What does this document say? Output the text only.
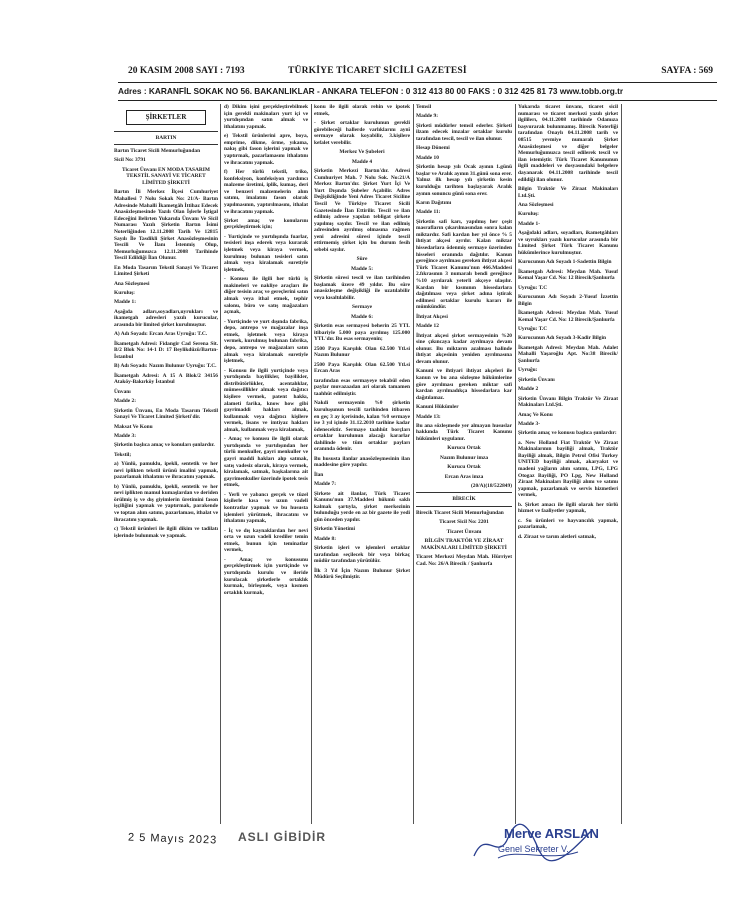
20 KASIM 2008 SAYI : 7193	TÜRKİYE TİCARET SİCİLİ GAZETESİ	SAYFA : 569
Adres : KARANFİL SOKAK NO 56. BAKANLIKLAR - ANKARA TELEFON : 0 312 413 80 00 FAKS : 0 312 425 81 73 www.tobb.org.tr
ŞİRKETLER

BARTIN

Bartın Ticaret Sicili Memurluğundan

Sicil No: 3791

Ticaret Ünvanı EN MODA TASARIM TEKSTİL SANAYİ VE TİCARET LİMİTED ŞİRKETİ

Bartın İli Merkez İlçesi Cumhuriyet Mahallesi 7 Nolu Sokak No: 21/A- Bartın Adresinde Mahalli İkametgâh İttihaz Edecek Anasözleşmesinde Yazılı Olan İşlerle İştigal Edeceğini Belirten Yukarıda Ünvanı Ve Sicil Numarası Yazılı Şirketin Bartın İsimi Noterliğinden 12.11.2008 Tarih Ve 12815 Sayılı İle Tasdikli Şirket Anasözleşmesinin Tescili Ve İlanı İstenmiş Olup, Memurluğumuzca 12.11.2008 Tarihinde Tescil Edildiği İlan Olunur.

En Moda Tasarım Tekstil Sanayi Ve Ticaret Limited Şirketi

Ana Sözleşmesi

Kuruluş:

Madde 1:

Aşağıda adları,soyadları,uyrukları ve ikametgah adresleri yazılı kurucular, arasında bir limited şirket kurulmuştur.

A) Adı Soyadı: Ercan Aras Uyruğu: T.C.

İkametgah Adresi: Fidangir Cad Serena Sit. B/2 Blok No: 14-1 D: 17 Beylikdüzü/Bartın-İstanbul

B) Adı Soyadı: Nazım Bulunur Uyruğu: T.C.

İkametgah Adresi: A 15 A Blok/2 34156 Ataköy-Bakırköy İstanbul

Ünvanı

Madde 2:

Şirketin Ünvanı, En Moda Tasarım Tekstil Sanayi Ve Ticaret Limited Şirketi'dir.

Maksat Ve Konu

Madde 3:

Şirketin başlıca amaç ve konuları şunlardır.

Tekstil;

a) Yünlü, pamuklu, ipekli, sentetik ve her nevi iplikten tekstil ürünü imalini yapmak, pazarlamak ithalatını ve ihracatını yapmak.

b) Yünlü, pamuklu, ipekli, sentetik ve her nevi iplikten mamul kumaşlardan ve deriden örülmiş iş ve dış giyimlerin üretimini fason işçiliğini yapmak ve yaptırmak, parakende ve toptan alım satımı, pazarlaması, ithalat ve ihracatını yapmak.

c) Tekstil ürünleri ile ilgili dikim ve tadilatı işlerinde bulunmak ve yapmak.

d) Dikim işini gerçekleştirebilmek için gerekli makinaları yurt içi ve yurtdışından satın almak ve ithalatını yapmak.

e) Tekstil ürünlerini apre, boya, emprime, dikme, örme, yıkama, nakış gibi fason işlerini yapmak ve yaptırmak, pazarlamasını ithalatını ve ihracatını yapmak.

f) Her türlü tekstil, triko, konfeksiyon, konfeksiyon yardımcı malzeme üretimi, iplik, kumaş, deri ve benzeri malzemelerin alım satımı, imalatını fason olarak yapılmasının, yaptırılmasını, ithalat ve ihracatını yapmak.

Şirket amaç ve konularını gerçekleştirmek için;

- Yurtiçinde ve yurtdışında fuarlar, tesisleri inşa ederek veya kurarak işletmek veya kiraya vermek, kurulmuş bulunan tesisleri satın almak veya kiralamak suretiyle işletmek,

- Konusu ile ilgili her türlü iş makineleri ve nakliye araçları ile diğer tesisin araç ve gereçlerini satın almak veya ithal etmek, tephir salonu, büro ve satış mağazaları açmak,

- Yurtiçinde ve yurt dışında fabrika, depo, antrepo ve mağazalar inşa etmek, işletmek veya kiraya vermek, kurulmuş bulunan fabrika, depo, antrepo ve mağazaları satın almak veya kiralamak suretiyle işletmek,

- Konusu ile ilgili yurtiçinde veya yurtdışında bayilikler, bayilikler, distribütörlükler, acentalıklar, mümessillikler almak veya dağıtıcı kişilere vermek, patent hakkı, alameti farika, know how gibi gayrimaddi hakları almak, kullanmak veya dağıtıcı kişilere vermek, lisans ve imtiyaz hakları almak, kullanmak veya kiralamak,

- Amaç ve konusu ile ilgili olarak yurtdışında ve yurtdışından her türlü menkuller, gayri menkuller ve gayri maddi hakları alıp satmak, satış vadesiz olarak, kiraya vermek, kiralamak, satmak, başkalarına ait gayrimenkuller üzerinde ipotek tesis etmek,

- Yerli ve yabancı gerçek ve tüzel kişilerle kısa ve uzun vadeli kontratlar yapmak ve bu hususta işlemleri yürütmek, ihracatını ve ithalatını yapmak,

- İç ve dış kaynaklardan her nevi orta ve uzun vadeli krediler temin etmek, bunun için teminatlar vermek,

- Amaç ve konusunu gerçekleştirmek için yurtiçinde ve yurtdışında kurulu ve ileride kurulacak şirketlerle ortaklık kurmak, birleşmek, veya kısmen ortaklık kurmak,

konu ile ilgili olarak rehin ve ipotek etmek,

- Şirket ortaklar kurulunun gerekli görebileceği hallerde varlıklarını aynî sermaye olarak koyabilir, 3.kişilere kefalet verebilir.

Merkez Ve Şubeleri

Madde 4

Şirketin Merkezi Bartın'dır. Adresi Cumhuriyet Mah. 7 Nolu Sok. No:21/A Merkez Bartın'dır. Şirket Yurt İçi Ve Yurt Dışında Şubeler Açabilir. Adres Değişikliğinde Yeni Adres Ticaret Siciline Tescil Ve Türkiye Ticaret Sicili Gazetesinde İlan Ettirilir. Tescil ve ilan edilmiş adrese yapılan tebligat şirkete yapılmış sayılır. Tescil ve ilan edilmiş adresinden ayrılmış olmasına rağmen yeni adresini süresi içinde tescil ettirmemiş şirket için bu durum fesih sebebi sayılır.

Süre

Madde 5:

Şirketin süresi tescil ve ilan tarihinden başlamak üzere 49 yıldır. Bu süre anasözleşme değişikliği ile uzatılabilir veya kısaltılabilir.

Sermaye

Madde 6:

Şirketin esas sermayesi beherin 25 YTL itibariyle 5.000 paya ayrılmış 125.000 YTL'dır. Bu esas sermayenin;

2500 Paya Karşılık Olan 62.500 Ytl.si Nazım Bulunur

2500 Paya Karşılık Olan 62.500 Ytl.si Ercan Aras

tarafından esas sermayeye tekabül eden paylar muvazaadan ari olarak tamamen taahhüt edilmiştir.

Nakdi sermayenin %0 şirketin kuruluşunun tescili tarihinden itibaren en geç 3 ay içerisinde, kalan %0 sermaye ise 3 yıl içinde 31.12.2010 tarihine kadar ödenecektir. Sermaye taahhüt borçları ortaklar kurulunun alacağı kararlar dahilinde ve tüm ortaklar payları oranında ödenir.

Bu hususta ilanlar anasözleşmesinin ilan maddesine göre yapılır.

İlan

Madde 7:

Şirkete ait ilanlar, Türk Ticaret Kanunu'nun 37.Maddesi hükmü saklı kalmak şartıyla, şirket merkezinin bulunduğu yerde en az bir gazete ile yedi gün önceden yapılır.

Şirketin Yönetimi

Madde 8:

Şirketin işleri ve işlemleri ortaklar tarafından seçilecek bir veya birkaç müdür tarafından yürütülür.

İlk 3 Yıl İçin Nazım Bulunur Şirket Müdürü Seçilmiştir.

Temsil

Madde 9:

Şirketi müdürler temsil ederler. Şirketi ilzam edecek imzalar ortaklar kurulu tarafından tescil, tescil ve ilan olunur.

Hesap Dönemi

Madde 10

Şirketin hesap yılı Ocak ayının 1.günü başlar ve Aralık ayının 31.günü sona erer. Yalnız ilk hesap yılı şirketin kesin kurulduğu tarihten başlayarak Aralık ayının sonuncu günü sona erer.

Karın Dağıtımı

Madde 11:

Şirketin safi karı, yapılmış her çeşit masrafların çıkarılmasından sonra kalan miktardır. Safi kardan her yıl önce % 5 ihtiyat akçesi ayrılır. Kalan miktar hissedarlara ödenmiş sermaye üzerinden hisseleri oranında dağıtılır. Kanun gereğince ayrılması gereken ihtiyat akçesi Türk Ticaret Kanunu'nun 466.Maddesi 2.fıkrasının 3 numaralı bendi gereğince %10 ayrılarak yeterli akçeye ulaşılır. Kardan bir kısmının hissedarlara dağıtılması veya şirket adına iştirak edilmesi ortaklar kurulu kararı ile mümkündür.

İhtiyat Akçesi

Madde 12

İhtiyat akçesi şirket sermayesinin %20 sine çıkıncaya kadar ayrılmaya devam olunur. Bu miktarın azalması halinde ihtiyat akçesinin yeniden ayrılmasına devam olunur.

Kanuni ve ihtiyari ihtiyat akçeleri ile kanun ve bu ana sözleşme hükümlerine göre ayrılması gereken miktar safi kardan ayrılmadıkça hissedarlara kar dağıtılamaz.

Kanuni Hükümler

Madde 13:

Bu ana sözleşmede yer almayan hususlar hakkında Türk Ticaret Kanunu hükümleri uygulanır.

Kurucu Ortak

Nazım Bulunur imza

Kurucu Ortak

Ercan Aras imza

(20/A)(18/522849)

BİRECİK

Birecik Ticaret Sicili Memurluğundan

Ticaret Sicil No: 2201

Ticaret Ünvanı

BİLGİN TRAKTÖR VE ZİRAAT MAKİNALARI LİMİTED ŞİRKETİ

Ticaret Merkezi Meydan Mah. Hürriyet Cad. No: 26/A Birecik / Şanlıurfa

Yukarıda ticaret ünvanı, ticaret sicil numarası ve ticaret merkezi yazılı şirket ilgililerı, 04.11.2008 tarihinde Odamıza başvurarak bulunmamış. Birecik Noterliği tarafından Onaylı 04.11.2008 tarih ve 08515 yevmiye numaralı Şirket Anasözleşmesi ve diğer belgeler Memurluğumuzca tescil edilerek tescil ve ilan istemiştir. Türk Ticaret Kanununun ilgili maddeleri ve dosyasındaki belgelere dayanarak 04.11.2008 tarihinde tescil edildiği ilan olunur.

Bilgin Traktör Ve Ziraat Makinaları Ltd.Şti.

Ana Sözleşmesi

Kuruluş:

Madde 1-

Aşağıdaki adları, soyadları, ikametgâhları ve uyrukları yazılı kurucular arasında bir Limited Şirket Türk Ticaret Kanunu hükümlerince kurulmuştur.

Kurucunun Adı Soyadı 1-Sadettin Bilgin

İkametgah Adresi: Meydan Mah. Yusuf Kemal Yaşar Cd. No: 12 Birecik/Şanlıurfa

Uyruğu: T.C

Kurucunun Adı Soyadı 2-Yusuf İzzettin Bilgin

İkametgah Adresi: Meydan Mah. Yusuf Kemal Yaşar Cd. No: 12 Birecik/Şanlıurfa

Uyruğu: T.C

Kurucunun Adı Soyadı 3-Kadir Bilgin

İkametgah Adresi: Meydan Mah. Adalet Mahalli Yaşaroğlu Apt. No:38 Birecik/Şanlıurfa

Uyruğu:

Şirketin Ünvanı

Madde 2

Şirketin Ünvanı Bilgin Traktör Ve Ziraat Makinaları Ltd.Şti.

Amaç Ve Konu

Madde 3-

Şirketin amaç ve konusu başlıca şunlardır:

a. New Holland Fiat Traktör Ve Ziraat Makinalarının bayiliği almak, Traktör Bayiliği almak, Bilgin Petrol Ofisi Turkey UNITED bayiliği almak, akaryakıt ve madeni yağların alım satımı, LPG, LPG Otogaz Bayiliği, PO Lpg, New Holland Ziraat Makinaları Bayiliği alımı ve satımı yapmak, pazarlamak ve servis hizmetleri vermek,

b. Şirket amacı ile ilgili olarak her türlü hizmet ve faaliyetler yapmak,

c. Su ürünleri ve hayvancılık yapmak, pazarlamak,

d. Ziraat ve tarım aletleri satmak,

2 5 Mayıs 2023 ASLI GİBİDİR	Merve ARSLAN
Genel Sekreter V.
